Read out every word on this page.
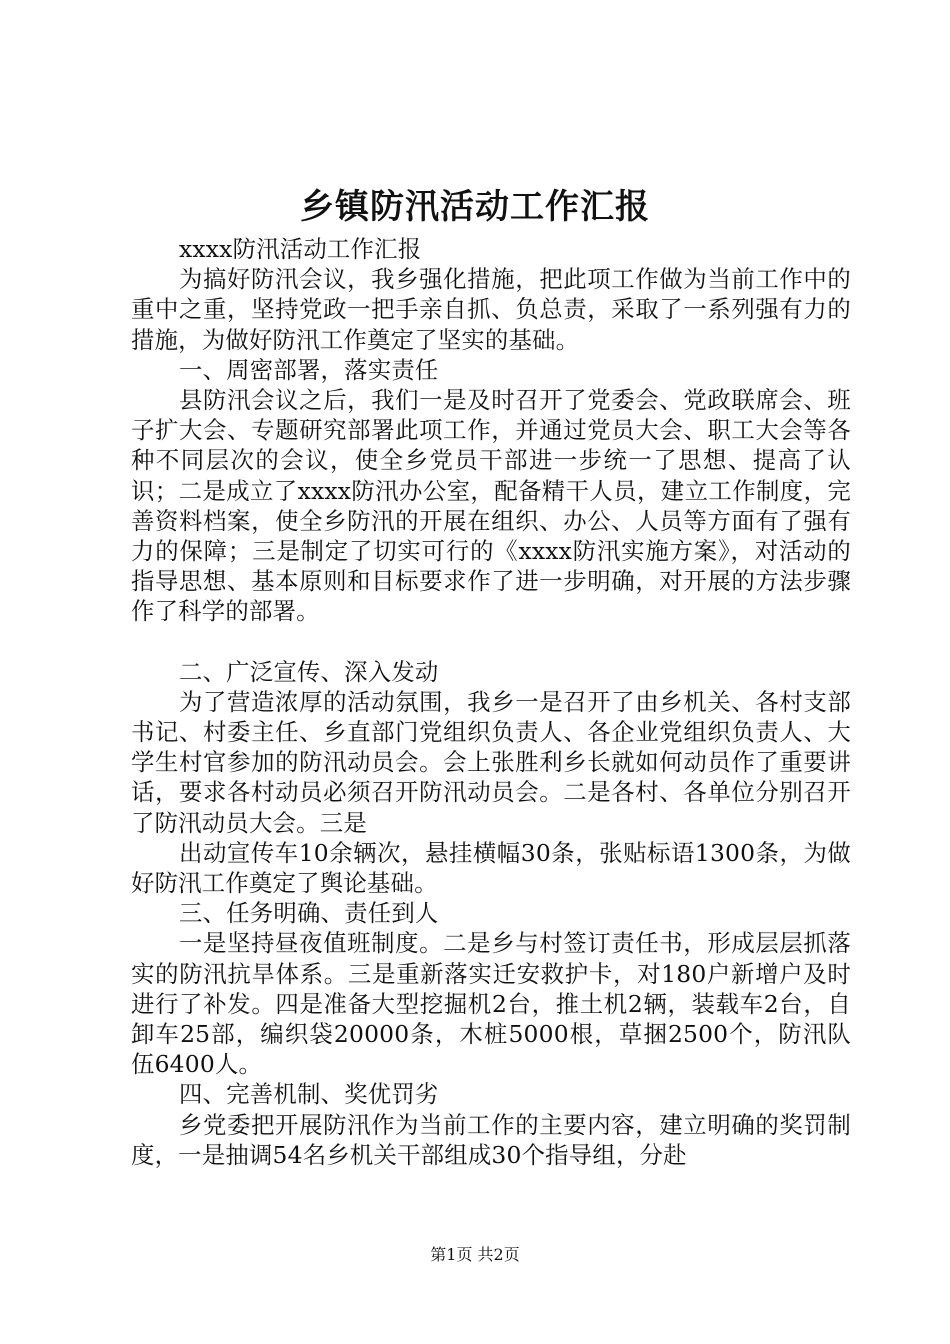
乡镇防汛活动工作汇报

xxxx防汛活动工作汇报

为搞好防汛会议，我乡强化措施，把此项工作做为当前工作中的重中之重，坚持党政一把手亲自抓、负总责，采取了一系列强有力的措施，为做好防汛工作奠定了坚实的基础。

一、周密部署，落实责任

县防汛会议之后，我们一是及时召开了党委会、党政联席会、班子扩大会、专题研究部署此项工作，并通过党员大会、职工大会等各种不同层次的会议，使全乡党员干部进一步统一了思想、提高了认识；二是成立了xxxx防汛办公室，配备精干人员，建立工作制度，完善资料档案，使全乡防汛的开展在组织、办公、人员等方面有了强有力的保障；三是制定了切实可行的《xxxx防汛实施方案》，对活动的指导思想、基本原则和目标要求作了进一步明确，对开展的方法步骤作了科学的部署。

二、广泛宣传、深入发动

为了营造浓厚的活动氛围，我乡一是召开了由乡机关、各村支部书记、村委主任、乡直部门党组织负责人、各企业党组织负责人、大学生村官参加的防汛动员会。会上张胜利乡长就如何动员作了重要讲话，要求各村动员必须召开防汛动员会。二是各村、各单位分别召开了防汛动员大会。三是

出动宣传车10余辆次，悬挂横幅30条，张贴标语1300条，为做好防汛工作奠定了舆论基础。

三、任务明确、责任到人

一是坚持昼夜值班制度。二是乡与村签订责任书，形成层层抓落实的防汛抗旱体系。三是重新落实迁安救护卡，对180户新增户及时进行了补发。四是准备大型挖掘机2台，推土机2辆，装载车2台，自卸车25部，编织袋20000条，木桩5000根，草捆2500个，防汛队伍6400人。

四、完善机制、奖优罚劣

乡党委把开展防汛作为当前工作的主要内容，建立明确的奖罚制度，一是抽调54名乡机关干部组成30个指导组，分赴

第1页 共2页
